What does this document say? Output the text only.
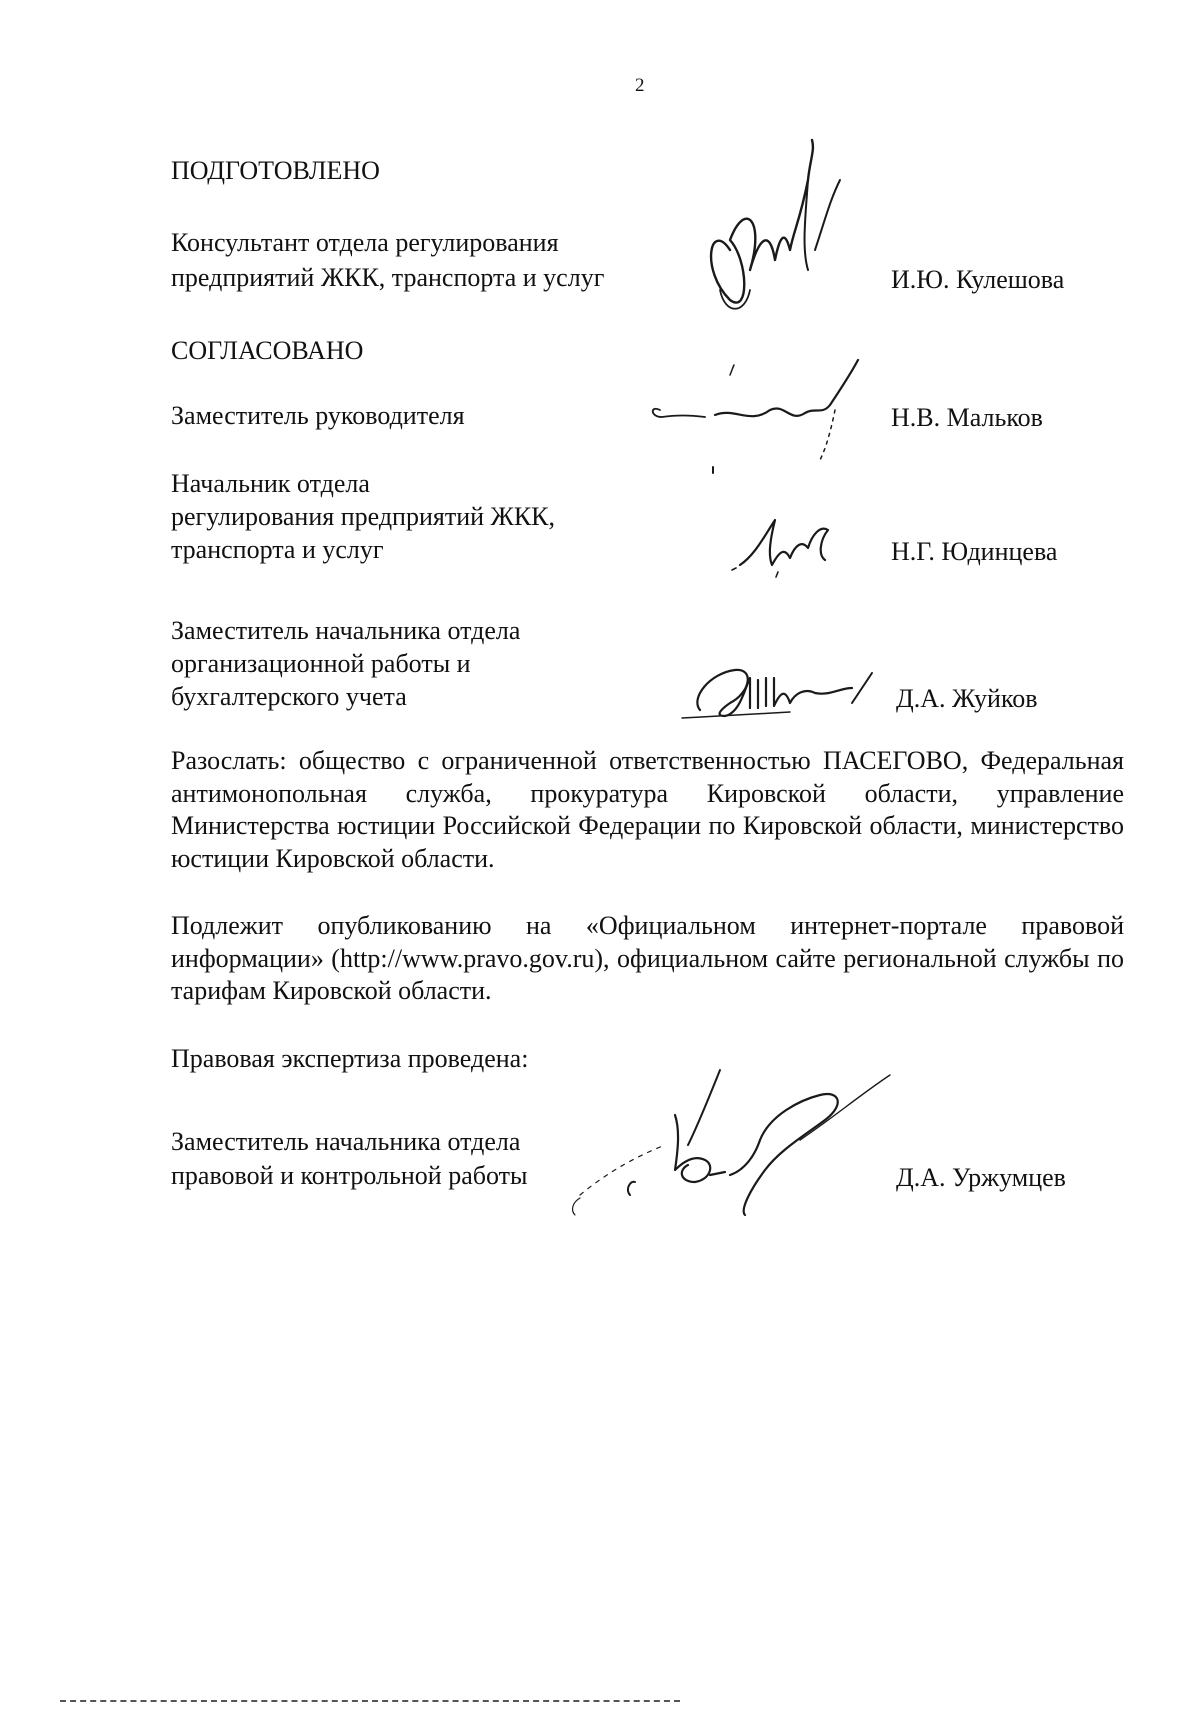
2
ПОДГОТОВЛЕНО
Консультант отдела регулирования
предприятий ЖКК, транспорта и услуг	И.Ю. Кулешова
СОГЛАСОВАНО
Заместитель руководителя	Н.В. Мальков
Начальник отдела
регулирования предприятий ЖКК,
транспорта и услуг	Н.Г. Юдинцева
Заместитель начальника отдела
организационной работы и
бухгалтерского учета	Д.А. Жуйков
Разослать: общество с ограниченной ответственностью ПАСЕГОВО, Федеральная антимонопольная служба, прокуратура Кировской области, управление Министерства юстиции Российской Федерации по Кировской области, министерство юстиции Кировской области.
Подлежит опубликованию на «Официальном интернет-портале правовой информации» (http://www.pravo.gov.ru), официальном сайте региональной службы по тарифам Кировской области.
Правовая экспертиза проведена:
Заместитель начальника отдела
правовой и контрольной работы	Д.А. Уржумцев
